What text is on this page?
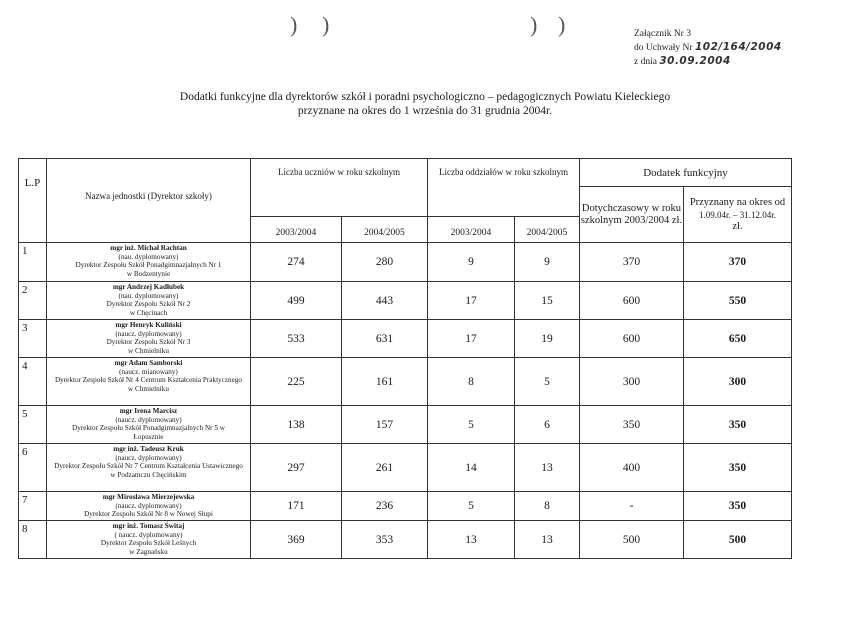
) )	) )	Załącznik Nr 3
do Uchwały Nr 102/164/2004
z dnia 30.09.2004
Dodatki funkcyjne dla dyrektorów szkół i poradni psychologiczno – pedagogicznych Powiatu Kieleckiego
przyznane na okres do 1 września do 31 grudnia 2004r.
L.P	Nazwa jednostki (Dyrektor szkoły)	Liczba uczniów w roku szkolnym		Liczba oddziałów w roku szkolnym		Dodatek funkcyjny	
						Dotychczasowy w roku szkolnym 2003/2004 zł.	Przyznany na okres od
1.09.04r. – 31.12.04r.
zł.

		2003/2004	2004/2005	2003/2004	2004/2005		
1	mgr inż. Michał Rachtan
(nau. dyplomowany)
Dyrektor Zespołu Szkół Ponadgimnazjalnych Nr 1
w Bodzentynie	274	280	9	9	370	370
2	mgr Andrzej Kadłubek
(nau. dyplomowany)
Dyrektor Zespołu Szkół Nr 2
w Chęcinach	499	443	17	15	600	550
3	mgr Henryk Kuliński
(naucz. dyplomowany)
Dyrektor Zespołu Szkół Nr 3
w Chmielniku	533	631	17	19	600	650
4	mgr Adam Samborski
(naucz. mianowany)
Dyrektor Zespołu Szkół Nr 4 Centrum Kształcenia Praktycznego
w Chmielniku	225	161	8	5	300	300
5	mgr Irena Marcisz
(naucz. dyplomowany)
Dyrektor Zespołu Szkół Ponadgimnazjalnych Nr 5 w
Łopusznie	138	157	5	6	350	350
6	mgr inż. Tadeusz Kruk
(naucz. dyplomowany)
Dyrektor Zespołu Szkół Nr 7 Centrum Kształcenia Ustawicznego
w Podzamczu Chęcińskim	297	261	14	13	400	350
7	mgr Mirosława Mierzejewska
(naucz. dyplomowany)
Dyrektor Zespołu Szkół Nr 8 w Nowej Słupi	171	236	5	8	-	350
8	mgr inż. Tomasz Świtaj
( naucz. dyplomowany)
Dyrektor Zespołu Szkół Leśnych
w Zagnańsku	369	353	13	13	500	500
